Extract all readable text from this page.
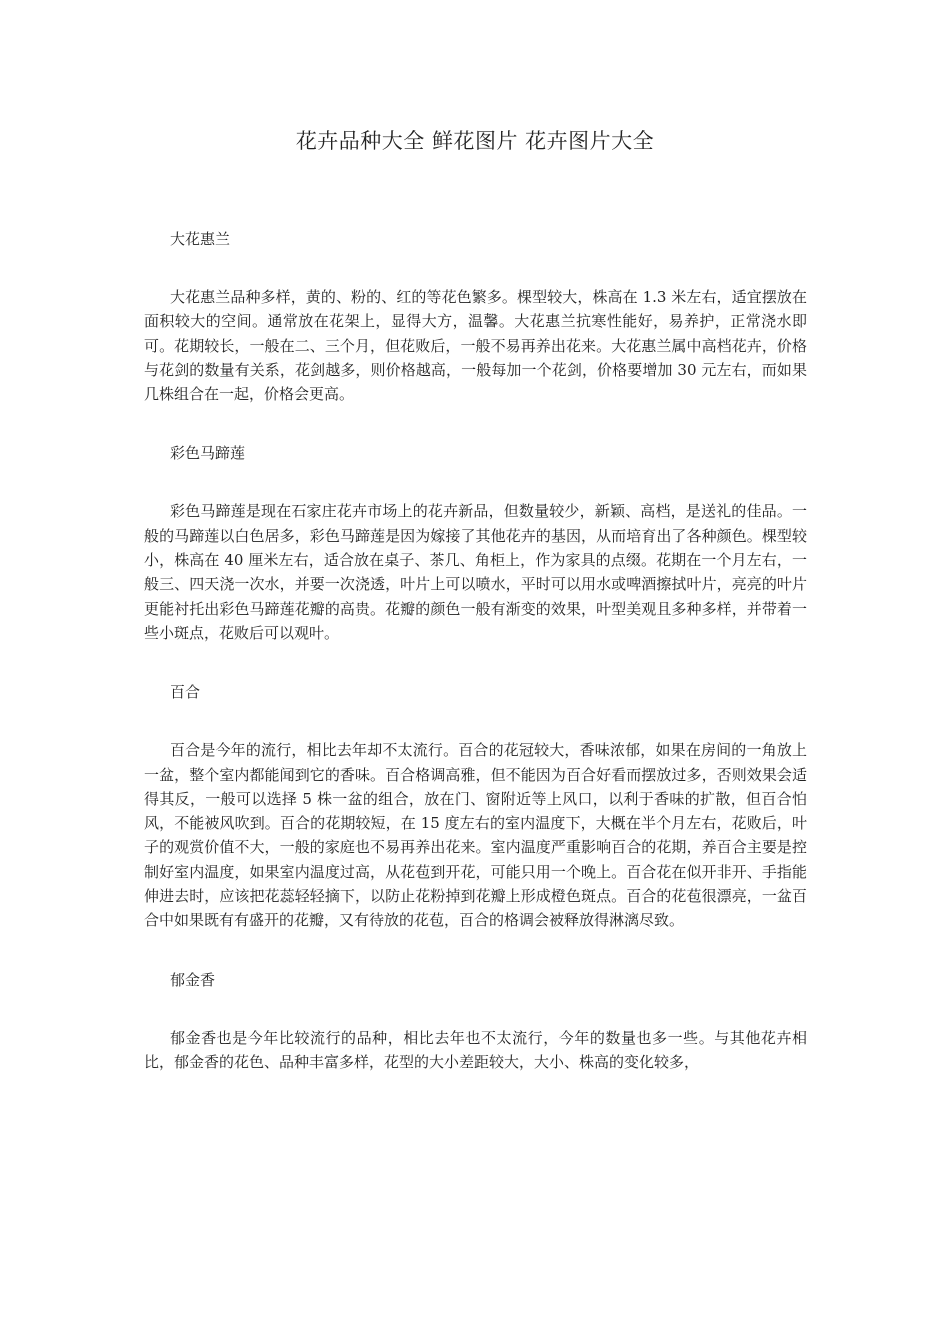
花卉品种大全 鲜花图片 花卉图片大全
大花惠兰

大花惠兰品种多样，黄的、粉的、红的等花色繁多。棵型较大，株高在 1.3 米左右，适宜摆放在面积较大的空间。通常放在花架上，显得大方，温馨。大花惠兰抗寒性能好，易养护，正常浇水即可。花期较长，一般在二、三个月，但花败后，一般不易再养出花来。大花惠兰属中高档花卉，价格与花剑的数量有关系，花剑越多，则价格越高，一般每加一个花剑，价格要增加 30 元左右，而如果几株组合在一起，价格会更高。

彩色马蹄莲

彩色马蹄莲是现在石家庄花卉市场上的花卉新品，但数量较少，新颖、高档，是送礼的佳品。一般的马蹄莲以白色居多，彩色马蹄莲是因为嫁接了其他花卉的基因，从而培育出了各种颜色。棵型较小，株高在 40 厘米左右，适合放在桌子、茶几、角柜上，作为家具的点缀。花期在一个月左右，一般三、四天浇一次水，并要一次浇透，叶片上可以喷水，平时可以用水或啤酒擦拭叶片，亮亮的叶片更能衬托出彩色马蹄莲花瓣的高贵。花瓣的颜色一般有渐变的效果，叶型美观且多种多样，并带着一些小斑点，花败后可以观叶。

百合

百合是今年的流行，相比去年却不太流行。百合的花冠较大，香味浓郁，如果在房间的一角放上一盆，整个室内都能闻到它的香味。百合格调高雅，但不能因为百合好看而摆放过多，否则效果会适得其反，一般可以选择 5 株一盆的组合，放在门、窗附近等上风口，以利于香味的扩散，但百合怕风，不能被风吹到。百合的花期较短，在 15 度左右的室内温度下，大概在半个月左右，花败后，叶子的观赏价值不大，一般的家庭也不易再养出花来。室内温度严重影响百合的花期，养百合主要是控制好室内温度，如果室内温度过高，从花苞到开花，可能只用一个晚上。百合花在似开非开、手指能伸进去时，应该把花蕊轻轻摘下，以防止花粉掉到花瓣上形成橙色斑点。百合的花苞很漂亮，一盆百合中如果既有有盛开的花瓣，又有待放的花苞，百合的格调会被释放得淋漓尽致。

郁金香

郁金香也是今年比较流行的品种，相比去年也不太流行，今年的数量也多一些。与其他花卉相比，郁金香的花色、品种丰富多样，花型的大小差距较大，大小、株高的变化较多，
